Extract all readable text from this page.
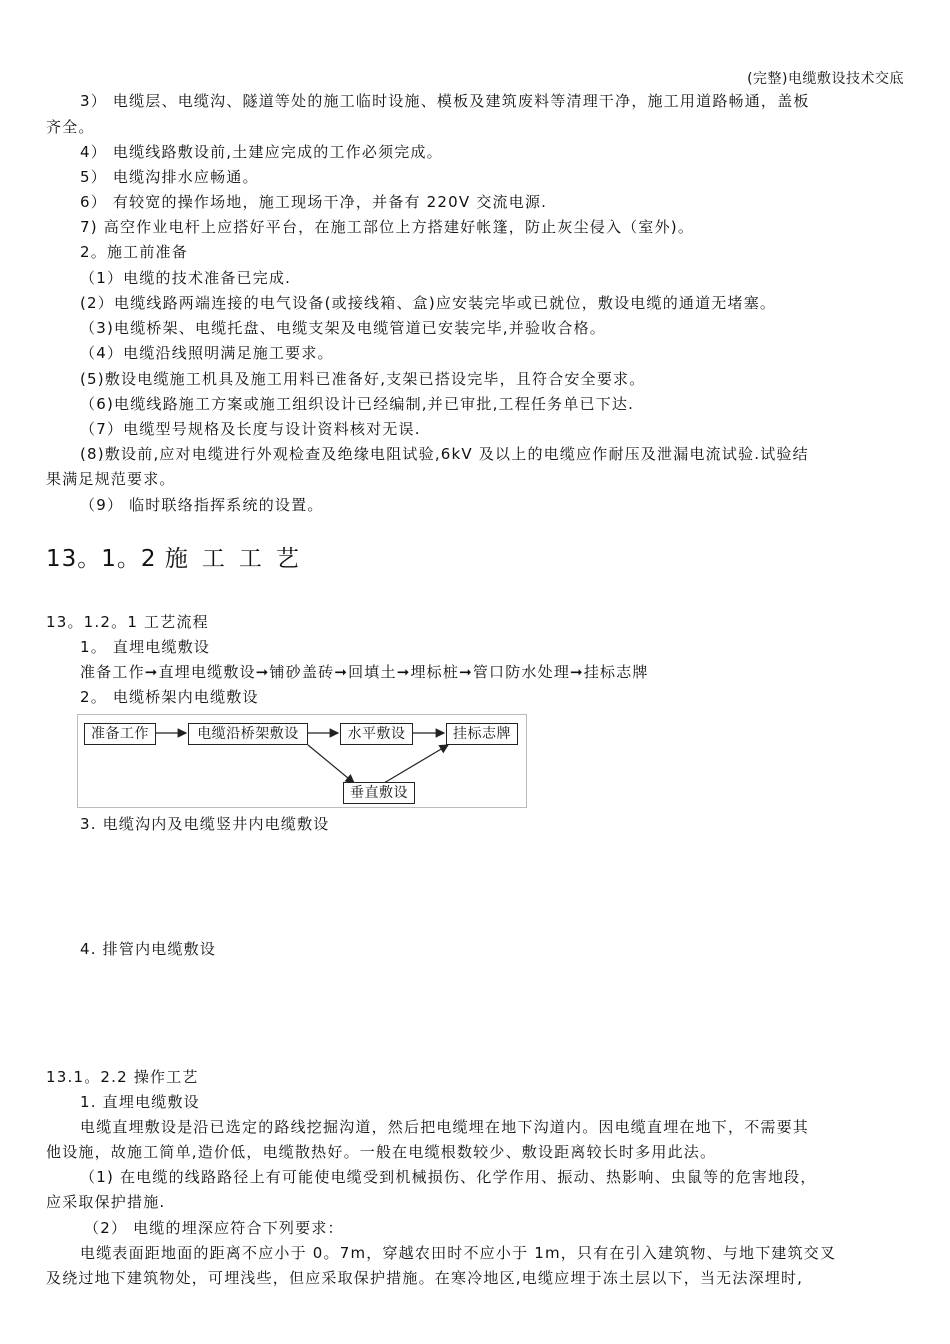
(完整)电缆敷设技术交底
3） 电缆层、电缆沟、隧道等处的施工临时设施、模板及建筑废料等清理干净，施工用道路畅通，盖板
齐全。
4） 电缆线路敷设前,土建应完成的工作必须完成。
5） 电缆沟排水应畅通。
6） 有较宽的操作场地，施工现场干净，并备有 220V 交流电源.
7) 高空作业电杆上应搭好平台，在施工部位上方搭建好帐篷，防止灰尘侵入（室外)。
2。施工前准备
（1）电缆的技术准备已完成.
(2）电缆线路两端连接的电气设备(或接线箱、盒)应安装完毕或已就位，敷设电缆的通道无堵塞。
（3)电缆桥架、电缆托盘、电缆支架及电缆管道已安装完毕,并验收合格。
（4）电缆沿线照明满足施工要求。
(5)敷设电缆施工机具及施工用料已准备好,支架已搭设完毕，且符合安全要求。
（6)电缆线路施工方案或施工组织设计已经编制,并已审批,工程任务单已下达.
（7）电缆型号规格及长度与设计资料核对无误.
(8)敷设前,应对电缆进行外观检查及绝缘电阻试验,6kV 及以上的电缆应作耐压及泄漏电流试验.试验结
果满足规范要求。
（9） 临时联络指挥系统的设置。
13。1。2 施工工艺
13。1.2。1 工艺流程
1。 直埋电缆敷设
准备工作➞直埋电缆敷设➞铺砂盖砖➞回填土➞埋标桩➞管口防水处理➞挂标志牌
2。 电缆桥架内电缆敷设
准备工作	电缆沿桥架敷设	水平敷设	挂标志牌
垂直敷设
3. 电缆沟内及电缆竖井内电缆敷设
4. 排管内电缆敷设
13.1。2.2 操作工艺
1. 直埋电缆敷设
电缆直埋敷设是沿已选定的路线挖掘沟道，然后把电缆埋在地下沟道内。因电缆直埋在地下，不需要其
他设施，故施工简单,造价低，电缆散热好。一般在电缆根数较少、敷设距离较长时多用此法。
（1) 在电缆的线路路径上有可能使电缆受到机械损伤、化学作用、振动、热影响、虫鼠等的危害地段，
应采取保护措施.
（2） 电缆的埋深应符合下列要求：
电缆表面距地面的距离不应小于 0。7m，穿越农田时不应小于 1m，只有在引入建筑物、与地下建筑交叉
及绕过地下建筑物处，可埋浅些，但应采取保护措施。在寒冷地区,电缆应埋于冻土层以下，当无法深埋时,
